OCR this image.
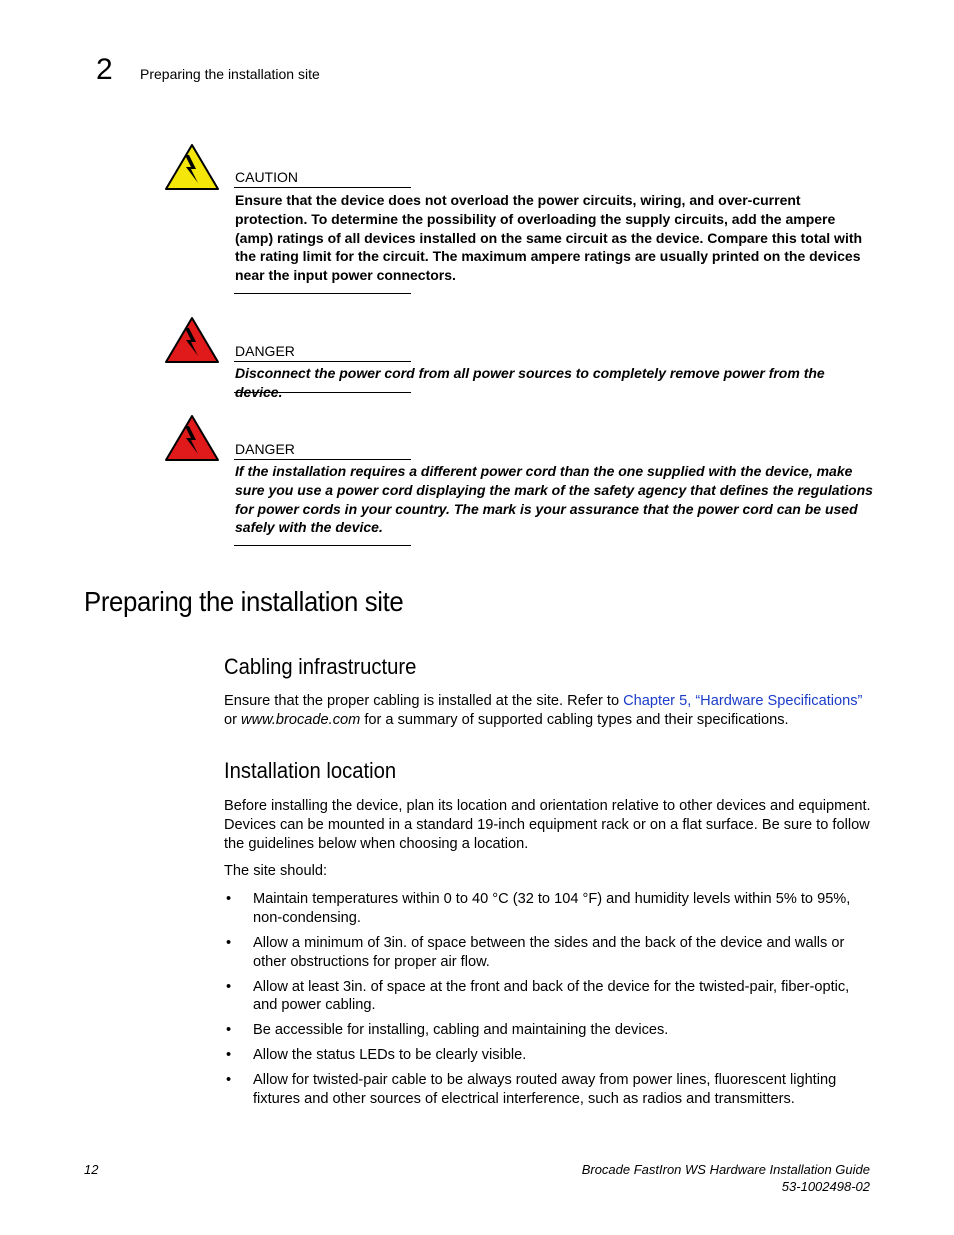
2 Preparing the installation site
CAUTION
Ensure that the device does not overload the power circuits, wiring, and over-current protection. To determine the possibility of overloading the supply circuits, add the ampere (amp) ratings of all devices installed on the same circuit as the device. Compare this total with the rating limit for the circuit. The maximum ampere ratings are usually printed on the devices near the input power connectors.
DANGER
Disconnect the power cord from all power sources to completely remove power from the device.
DANGER
If the installation requires a different power cord than the one supplied with the device, make sure you use a power cord displaying the mark of the safety agency that defines the regulations for power cords in your country. The mark is your assurance that the power cord can be used safely with the device.
Preparing the installation site
Cabling infrastructure
Ensure that the proper cabling is installed at the site. Refer to Chapter 5, “Hardware Specifications” or www.brocade.com for a summary of supported cabling types and their specifications.
Installation location
Before installing the device, plan its location and orientation relative to other devices and equipment. Devices can be mounted in a standard 19-inch equipment rack or on a flat surface. Be sure to follow the guidelines below when choosing a location.
The site should:
• Maintain temperatures within 0 to 40 °C (32 to 104 °F) and humidity levels within 5% to 95%, non-condensing.
• Allow a minimum of 3in. of space between the sides and the back of the device and walls or other obstructions for proper air flow.
• Allow at least 3in. of space at the front and back of the device for the twisted-pair, fiber-optic, and power cabling.
• Be accessible for installing, cabling and maintaining the devices.
• Allow the status LEDs to be clearly visible.
• Allow for twisted-pair cable to be always routed away from power lines, fluorescent lighting fixtures and other sources of electrical interference, such as radios and transmitters.
12	Brocade FastIron WS Hardware Installation Guide
53-1002498-02
